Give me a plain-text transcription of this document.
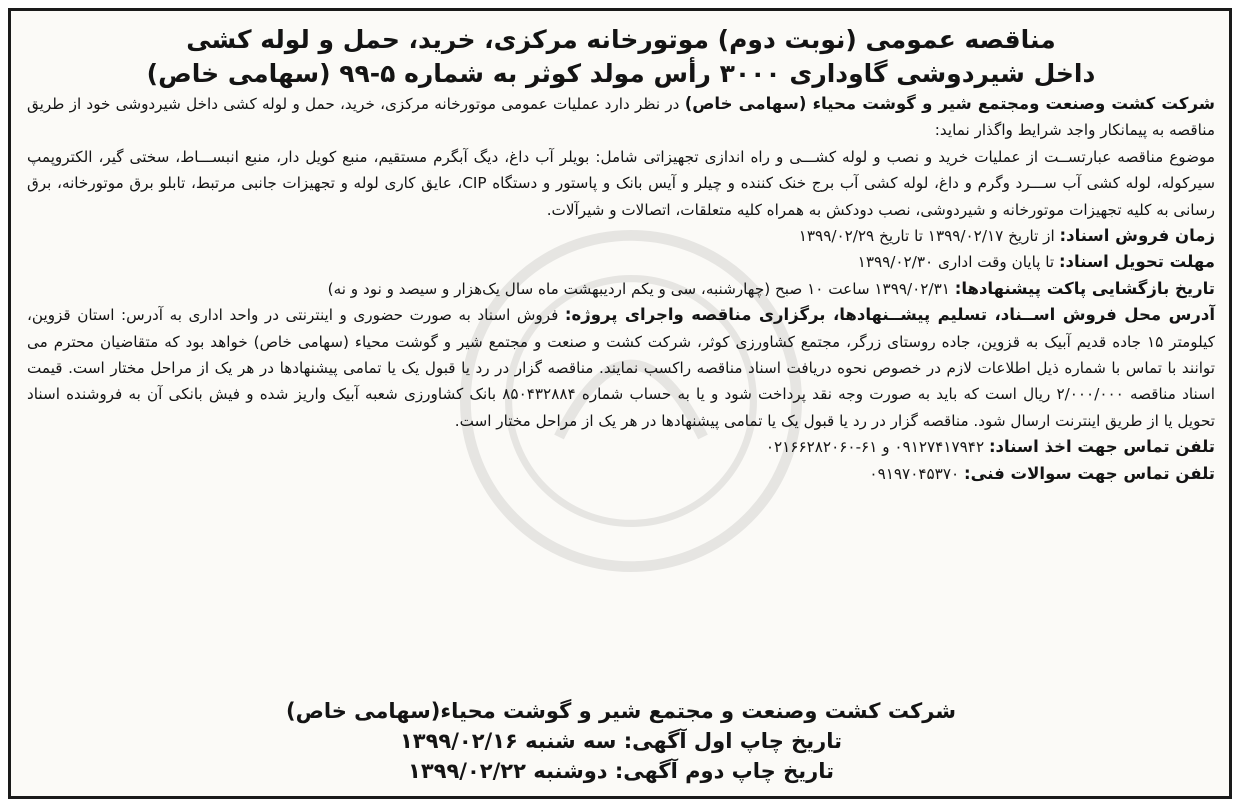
مناقصه عمومی (نوبت دوم) موتورخانه مرکزی، خرید، حمل و لوله کشی
داخل شیردوشی گاوداری ۳۰۰۰ رأس مولد کوثر به شماره ۵-۹۹ (سهامی خاص)

شرکت کشت وصنعت ومجتمع شیر و گوشت محیاء (سهامی خاص) در نظر دارد عملیات عمومی موتورخانه مرکزی، خرید، حمل و لوله کشی داخل شیردوشی خود از طریق مناقصه به پیمانکار واجد شرایط واگذار نماید:

موضوع مناقصه عبارتســت از عملیات خرید و نصب و لوله کشـــی و راه اندازی تجهیزاتی شامل: بویلر آب داغ، دیگ آبگرم مستقیم، منبع کویل دار، منبع انبســـاط، سختی گیر، الکتروپمپ سیرکوله، لوله کشی آب ســـرد وگرم و داغ، لوله کشی آب برج خنک کننده و چیلر و آیس بانک و پاستور و دستگاه CIP، عایق کاری لوله و تجهیزات جانبی مرتبط، تابلو برق موتورخانه، برق رسانی به کلیه تجهیزات موتورخانه و شیردوشی، نصب دودکش به همراه کلیه متعلقات، اتصالات و شیرآلات.

زمان فروش اسناد: از تاریخ ۱۳۹۹/۰۲/۱۷ تا تاریخ ۱۳۹۹/۰۲/۲۹

مهلت تحویل اسناد: تا پایان وقت اداری ۱۳۹۹/۰۲/۳۰

تاریخ بازگشایی پاکت پیشنهادها: ۱۳۹۹/۰۲/۳۱ ساعت ۱۰ صبح (چهارشنبه، سی و یکم اردیبهشت ماه سال یک‌هزار و سیصد و نود و نه)

آدرس محل فروش اســناد، تسلیم پیشــنهادها، برگزاری مناقصه واجرای پروژه: فروش اسناد به صورت حضوری و اینترنتی در واحد اداری به آدرس: استان قزوین، کیلومتر ۱۵ جاده قدیم آبیک به قزوین، جاده روستای زرگر، مجتمع کشاورزی کوثر، شرکت کشت و صنعت و مجتمع شیر و گوشت محیاء (سهامی خاص) خواهد بود که متقاضیان محترم می توانند با تماس با شماره ذیل اطلاعات لازم در خصوص نحوه دریافت اسناد مناقصه راکسب نمایند. مناقصه گزار در رد یا قبول یک یا تمامی پیشنهادها در هر یک از مراحل مختار است. قیمت اسناد مناقصه ۲/۰۰۰/۰۰۰ ریال است که باید به صورت وجه نقد پرداخت شود و یا به حساب شماره ۸۵۰۴۳۲۸۸۴ بانک کشاورزی شعبه آبیک واریز شده و فیش بانکی آن به فروشنده اسناد تحویل یا از طریق اینترنت ارسال شود. مناقصه گزار در رد یا قبول یک یا تمامی پیشنهادها در هر یک از مراحل مختار است.

تلفن تماس جهت اخذ اسناد: ۰۹۱۲۷۴۱۷۹۴۲ و ۶۱-۰۲۱۶۶۲۸۲۰۶۰

تلفن تماس جهت سوالات فنی: ۰۹۱۹۷۰۴۵۳۷۰

شرکت کشت وصنعت و مجتمع شیر و گوشت محیاء(سهامی خاص)
تاریخ چاپ اول آگهی: سه شنبه ۱۳۹۹/۰۲/۱۶
تاریخ چاپ دوم آگهی: دوشنبه ۱۳۹۹/۰۲/۲۲
